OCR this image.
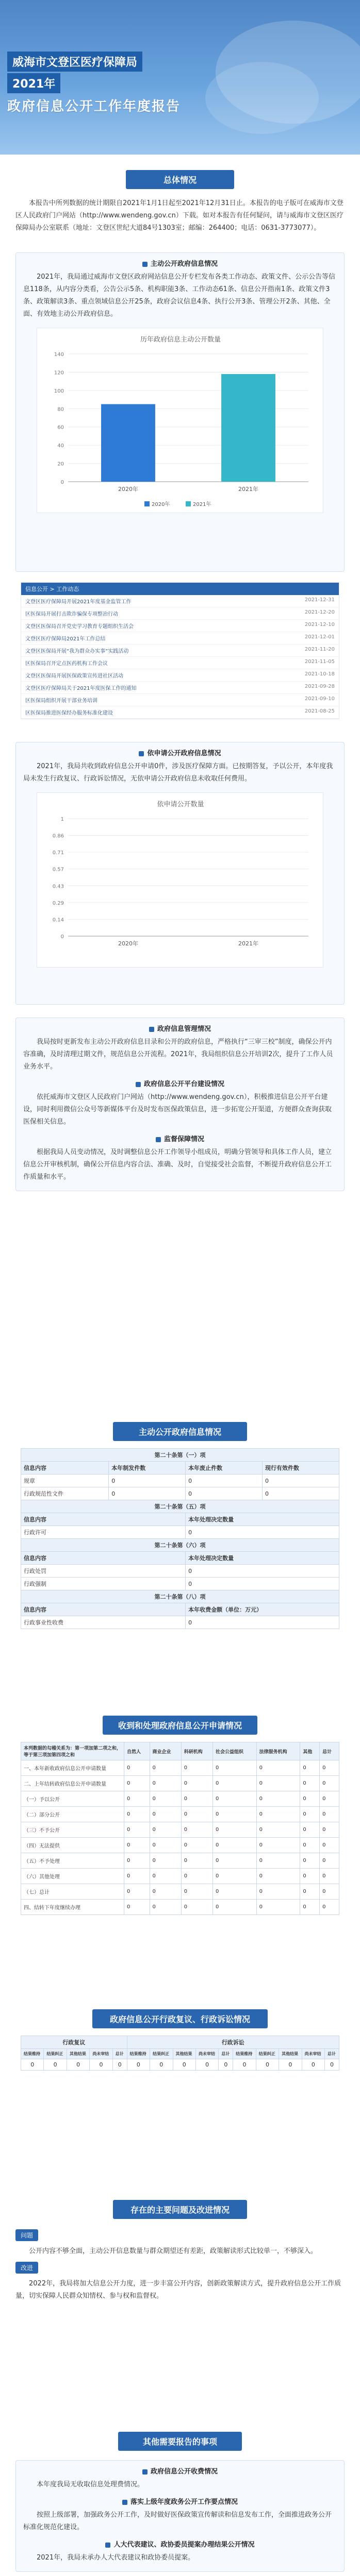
威海市文登区医疗保障局
2021年
政府信息公开工作年度报告
总体情况

本报告中所列数据的统计期限自2021年1月1日起至2021年12月31日止。本报告的电子版可在威海市文登区人民政府门户网站（http://www.wendeng.gov.cn）下载。如对本报告有任何疑问，请与威海市文登区医疗保障局办公室联系（地址：文登区世纪大道84号1303室；邮编：264400；电话：0631-3773077）。

主动公开政府信息情况

2021年，我局通过威海市文登区政府网站信息公开专栏发布各类工作动态、政策文件、公示公告等信息118条，从内容分类看，公告公示5条、机构职能3条、工作动态61条、信息公开指南1条、政策文件3条、政策解读3条、重点领域信息公开25条，政府会议信息4条、执行公开3条、管理公开2条、其他、全面、有效地主动公开政府信息。

历年政府信息主动公开数量
0
20
40
60
80
100
120
140
2020年	2021年
2020年	2021年
信息公开 > 工作动态
文登区医疗保障局开展2021年度基金监管工作	2021-12-31
区医保局开展打击欺诈骗保专项整治行动	2021-12-20
文登区医保局召开党史学习教育专题组织生活会	2021-12-10
文登区医疗保障局2021年工作总结	2021-12-01
文登区医保局开展“我为群众办实事”实践活动	2021-11-20
区医保局召开定点医药机构工作会议	2021-11-05
文登区医保局开展医保政策宣传进社区活动	2021-10-18
文登区医疗保障局关于2021年度医保工作的通知	2021-09-28
区医保局组织开展干部业务培训	2021-09-10
区医保局推进医保经办服务标准化建设	2021-08-25
依申请公开政府信息情况

2021年，我局共收到政府信息公开申请0件，涉及医疗保障方面。已按期答复，予以公开，本年度我局未发生行政复议、行政诉讼情况，无依申请公开政府信息未收取任何费用。

依申请公开数量
0
0.14
0.29
0.43
0.57
0.71
0.86
1
2020年	2021年
政府信息管理情况

我局按时更新发布主动公开政府信息目录和公开的政府信息，严格执行“三审三校”制度，确保公开内容准确，及时清理过期文件，规范信息公开流程。2021年，我局组织信息公开培训2次，提升了工作人员业务水平。

政府信息公开平台建设情况

依托威海市文登区人民政府门户网站（http://www.wendeng.gov.cn），积极推进信息公开平台建设，同时利用微信公众号等新媒体平台及时发布医保政策信息，进一步拓宽公开渠道，方便群众查询获取医保相关信息。

监督保障情况

根据我局人员变动情况，及时调整信息公开工作领导小组成员，明确分管领导和具体工作人员，建立信息公开审核机制，确保公开信息内容合法、准确、及时，自觉接受社会监督，不断提升政府信息公开工作质量和水平。

主动公开政府信息情况
第二十条第（一）项			
信息内容	本年制发件数	本年废止件数	现行有效件数
规章	0	0	0
行政规范性文件	0	0	0
第二十条第（五）项			
信息内容		本年处理决定数量	
行政许可		0	
第二十条第（六）项			
信息内容		本年处理决定数量	
行政处罚		0	
行政强制		0	
第二十条第（八）项			
信息内容		本年收费金额（单位：万元）	
行政事业性收费		0	
收到和处理政府信息公开申请情况
本列数据的勾稽关系为：第一项加第二项之和，等于第三项加第四项之和	自然人	商业企业	科研机构	社会公益组织	法律服务机构	其他	总计
一、本年新收政府信息公开申请数量	0	0	0	0	0	0	0
二、上年结转政府信息公开申请数量	0	0	0	0	0	0	0
（一）予以公开	0	0	0	0	0	0	0
（二）部分公开	0	0	0	0	0	0	0
（三）不予公开	0	0	0	0	0	0	0
（四）无法提供	0	0	0	0	0	0	0
（五）不予处理	0	0	0	0	0	0	0
（六）其他处理	0	0	0	0	0	0	0
（七）总计	0	0	0	0	0	0	0
四、结转下年度继续办理	0	0	0	0	0	0	0
政府信息公开行政复议、行政诉讼情况
行政复议					行政诉讼									
结果维持	结果纠正	其他结果	尚未审结	总计	结果维持	结果纠正	其他结果	尚未审结	总计	结果维持	结果纠正	其他结果	尚未审结	总计
0	0	0	0	0	0	0	0	0	0	0	0	0	0	0
存在的主要问题及改进情况
问题

公开内容不够全面，主动公开信息数量与群众期望还有差距，政策解读形式比较单一，不够深入。

改进

2022年，我局将加大信息公开力度，进一步丰富公开内容，创新政策解读方式，提升政府信息公开工作质量，切实保障人民群众知情权、参与权和监督权。

其他需要报告的事项
政府信息公开收费情况

本年度我局无收取信息处理费情况。

落实上级年度政务公开工作要点情况

按照上级部署，加强政务公开工作，及时做好医保政策宣传解读和信息发布工作，全面推进政务公开标准化规范化建设。

人大代表建议、政协委员提案办理结果公开情况

2021年，我局未承办人大代表建议和政协委员提案。
